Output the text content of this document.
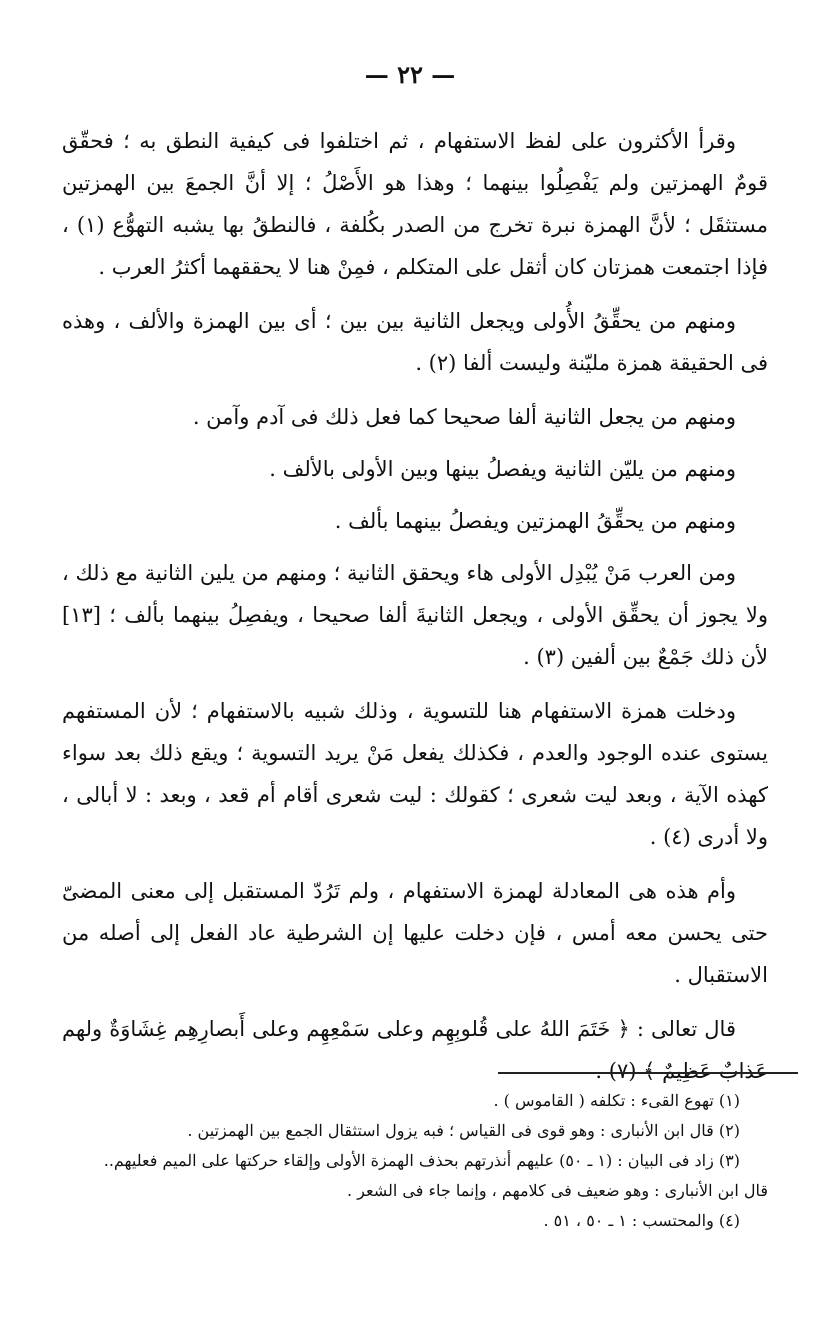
— ٢٢ —

وقرأ الأكثرون على لفظ الاستفهام ، ثم اختلفوا فى كيفية النطق به ؛ فحقّق قومٌ الهمزتين ولم يَفْصِلُوا بينهما ؛ وهذا هو الأَصْلُ ؛ إلا أنَّ الجمعَ بين الهمزتين مستثقَل ؛ لأنَّ الهمزة نبرة تخرج من الصدر بكُلفة ، فالنطقُ بها يشبه التهوُّع (١) ، فإذا اجتمعت همزتان كان أثقل على المتكلم ، فمِنْ هنا لا يحققهما أكثرُ العرب .

ومنهم من يحقِّقُ الأُولى ويجعل الثانية بين بين ؛ أى بين الهمزة والألف ، وهذه فى الحقيقة همزة مليّنة وليست ألفا (٢) .

ومنهم من يجعل الثانية ألفا صحيحا كما فعل ذلك فى آدم وآمن .

ومنهم من يليّن الثانية ويفصلُ بينها وبين الأولى بالألف .

ومنهم من يحقِّقُ الهمزتين ويفصلُ بينهما بألف .

ومن العرب مَنْ يُبْدِل الأولى هاء ويحقق الثانية ؛ ومنهم من يلين الثانية مع ذلك ، ولا يجوز أن يحقِّق الأولى ، ويجعل الثانيةَ ألفا صحيحا ، ويفصِلُ بينهما بألف ؛ [١٣] لأن ذلك جَمْعٌ بين ألفين (٣) .

ودخلت همزة الاستفهام هنا للتسوية ، وذلك شبيه بالاستفهام ؛ لأن المستفهم يستوى عنده الوجود والعدم ، فكذلك يفعل مَنْ يريد التسوية ؛ ويقع ذلك بعد سواء كهذه الآية ، وبعد ليت شعرى ؛ كقولك : ليت شعرى أقام أم قعد ، وبعد : لا أبالى ، ولا أدرى (٤) .

وأم هذه هى المعادلة لهمزة الاستفهام ، ولم تَرُدّ المستقبل إلى معنى المضىّ حتى يحسن معه أمس ، فإن دخلت عليها إن الشرطية عاد الفعل إلى أصله من الاستقبال .

قال تعالى : ﴿ خَتَمَ اللهُ على قُلوبِهِم وعلى سَمْعِهِم وعلى أَبصارِهِم غِشَاوَةٌ ولهم عَذابٌ عَظِيمٌ ﴾ (٧) .

(١) تهوع القىء : تكلفه ( القاموس ) .
(٢) قال ابن الأنبارى : وهو قوى فى القياس ؛ فبه يزول استثقال الجمع بين الهمزتين .
(٣) زاد فى البيان : (١ ـ ٥٠) عليهم أنذرتهم بحذف الهمزة الأولى وإلقاء حركتها على الميم فعليهم..
قال ابن الأنبارى : وهو ضعيف فى كلامهم ، وإنما جاء فى الشعر .
(٤) والمحتسب : ١ ـ ٥٠ ، ٥١ .
